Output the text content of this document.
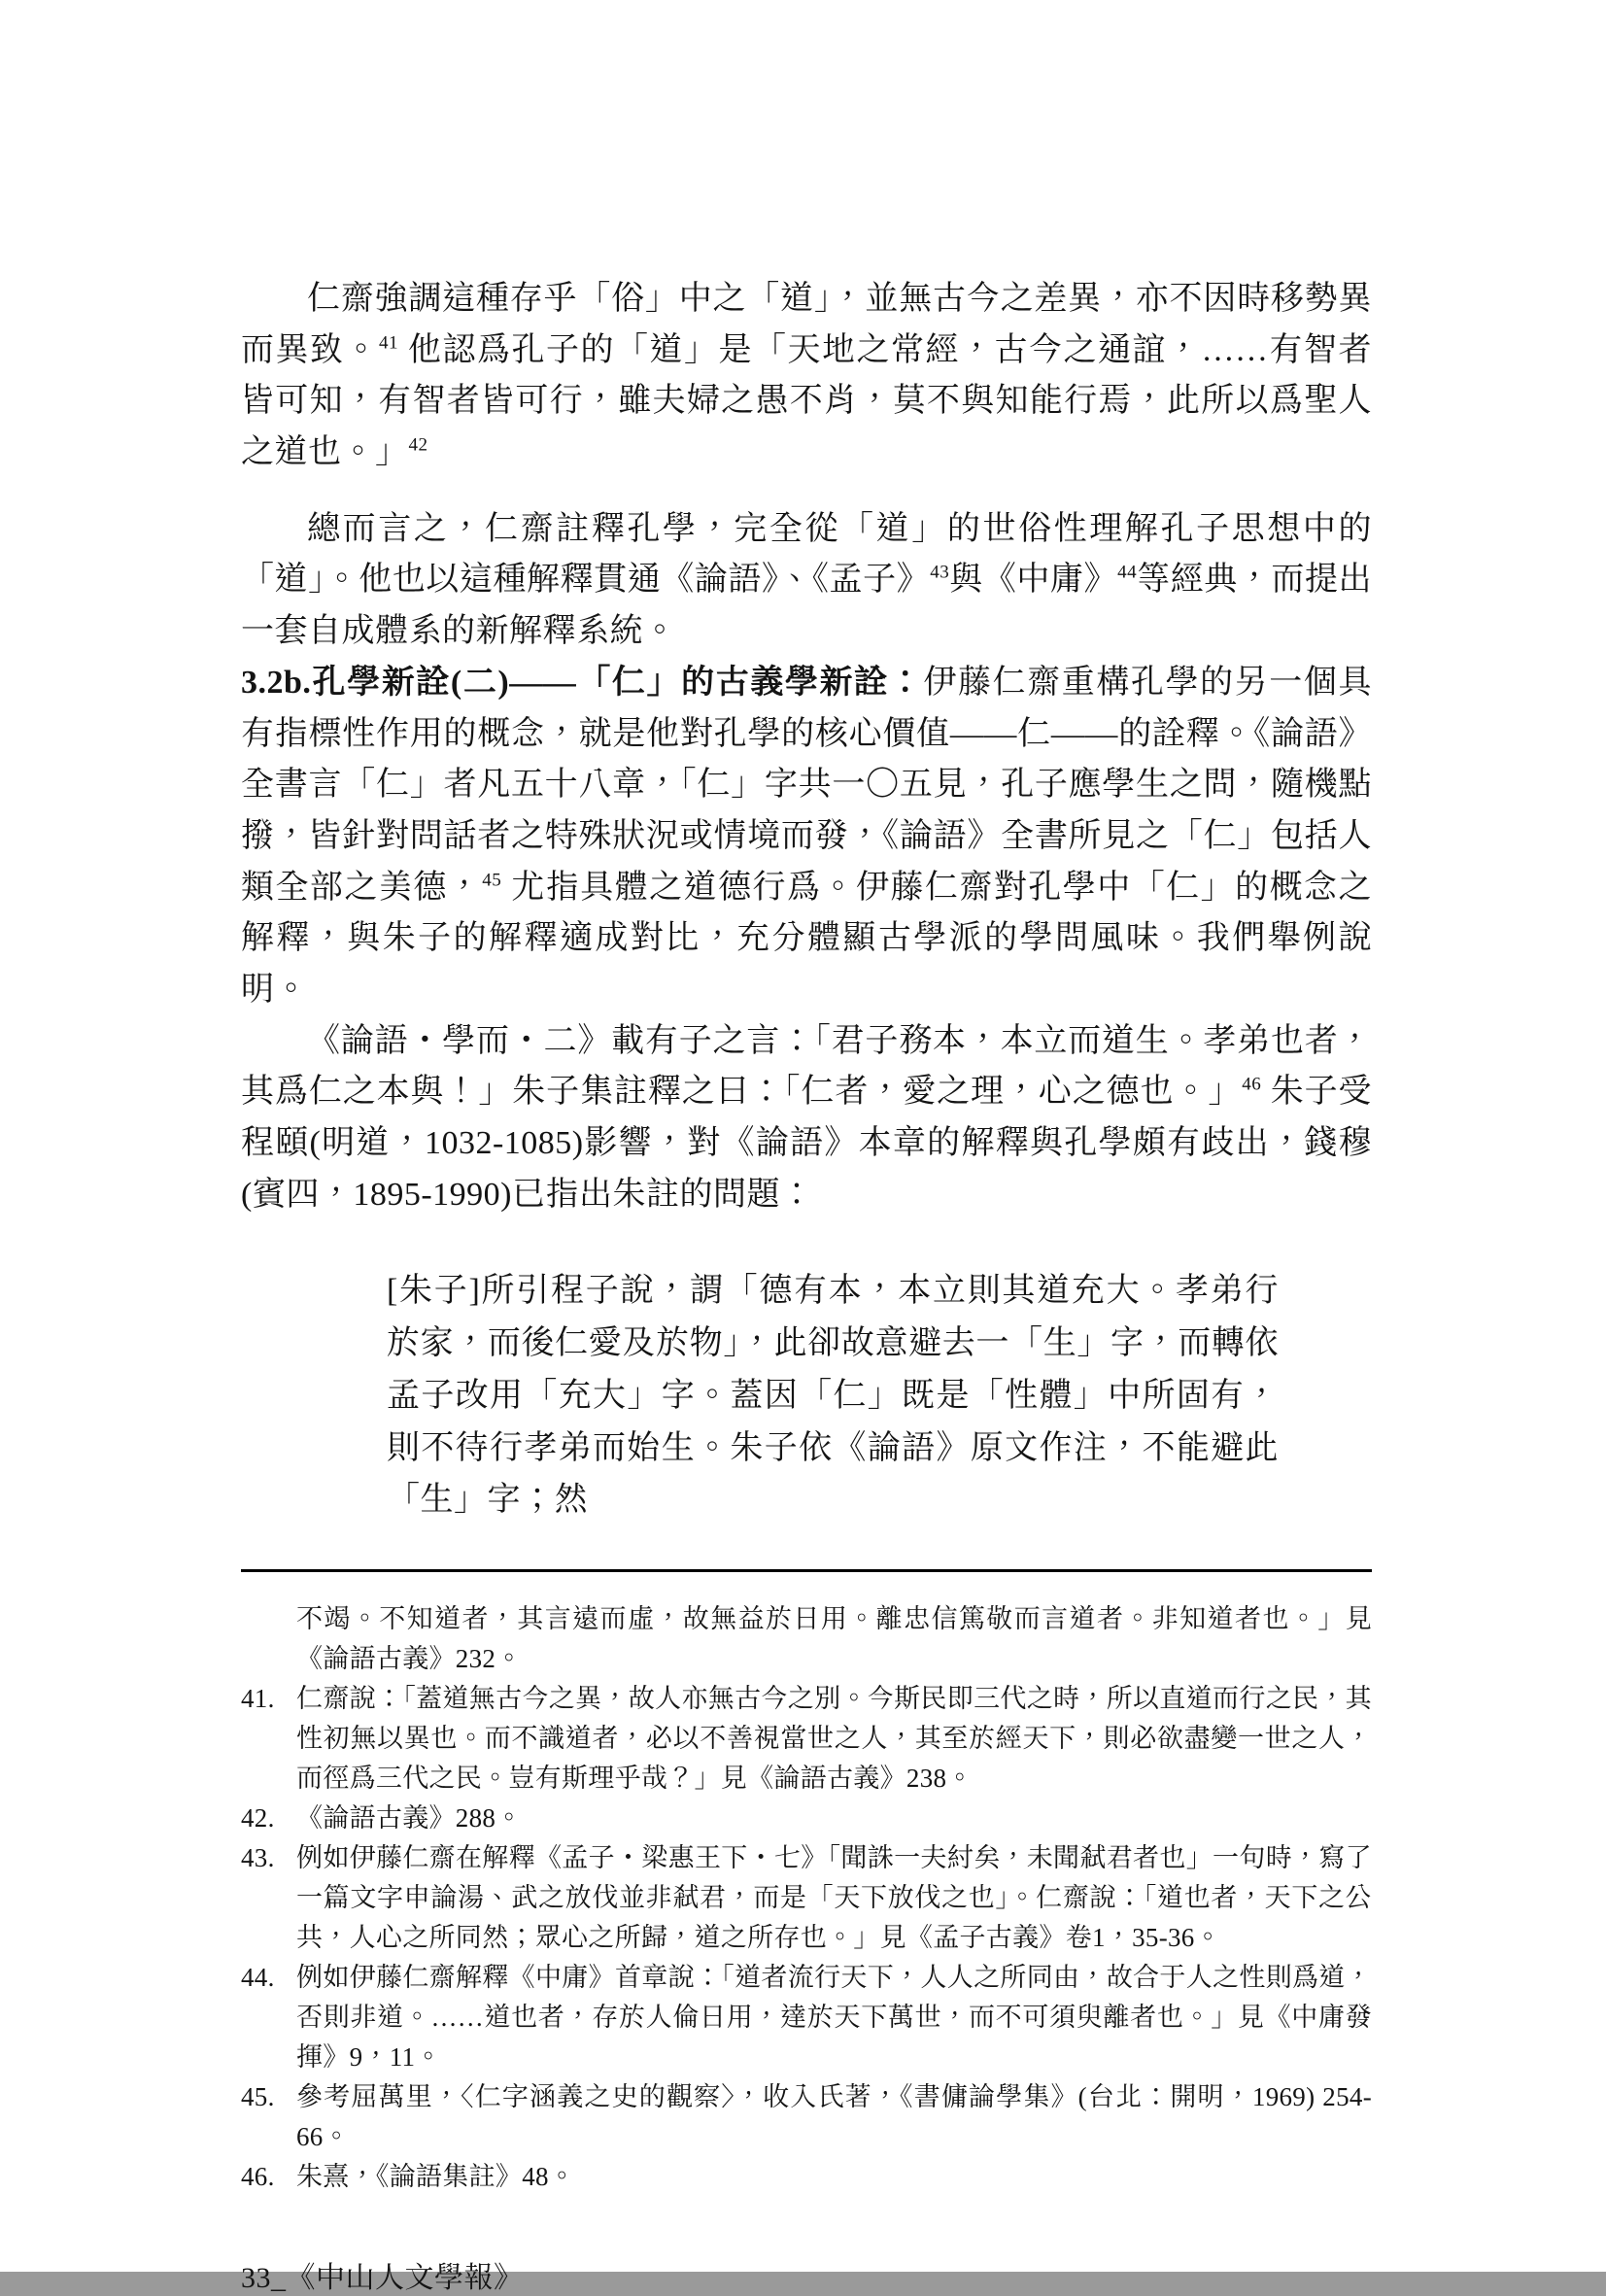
仁齋強調這種存乎「俗」中之「道」，並無古今之差異，亦不因時移勢異而異致。$^{41}$ 他認爲孔子的「道」是「天地之常經，古今之通誼，……有智者皆可知，有智者皆可行，雖夫婦之愚不肖，莫不與知能行焉，此所以爲聖人之道也。」$^{42}$

總而言之，仁齋註釋孔學，完全從「道」的世俗性理解孔子思想中的「道」。他也以這種解釋貫通《論語》、《孟子》$^{43}$與《中庸》$^{44}$等經典，而提出一套自成體系的新解釋系統。

3.2b.孔學新詮(二)——「仁」的古義學新詮：伊藤仁齋重構孔學的另一個具有指標性作用的概念，就是他對孔學的核心價值——仁——的詮釋。《論語》全書言「仁」者凡五十八章，「仁」字共一〇五見，孔子應學生之問，隨機點撥，皆針對問話者之特殊狀況或情境而發，《論語》全書所見之「仁」包括人類全部之美德，$^{45}$ 尤指具體之道德行爲。伊藤仁齋對孔學中「仁」的概念之解釋，與朱子的解釋適成對比，充分體顯古學派的學問風味。我們舉例說明。

《論語・學而・二》載有子之言：「君子務本，本立而道生。孝弟也者，其爲仁之本與！」朱子集註釋之曰：「仁者，愛之理，心之德也。」$^{46}$ 朱子受程頤(明道，1032-1085)影響，對《論語》本章的解釋與孔學頗有歧出，錢穆(賓四，1895-1990)已指出朱註的問題：

[朱子]所引程子說，謂「德有本，本立則其道充大。孝弟行於家，而後仁愛及於物」，此卻故意避去一「生」字，而轉依孟子改用「充大」字。蓋因「仁」既是「性體」中所固有，則不待行孝弟而始生。朱子依《論語》原文作注，不能避此「生」字；然

不竭。不知道者，其言遠而虛，故無益於日用。離忠信篤敬而言道者。非知道者也。」見《論語古義》232。
41. 仁齋說：「蓋道無古今之異，故人亦無古今之別。今斯民即三代之時，所以直道而行之民，其性初無以異也。而不識道者，必以不善視當世之人，其至於經天下，則必欲盡變一世之人，而徑爲三代之民。豈有斯理乎哉？」見《論語古義》238。
42. 《論語古義》288。
43. 例如伊藤仁齋在解釋《孟子・梁惠王下・七》「聞誅一夫紂矣，未聞弒君者也」一句時，寫了一篇文字申論湯、武之放伐並非弒君，而是「天下放伐之也」。仁齋說：「道也者，天下之公共，人心之所同然；眾心之所歸，道之所存也。」見《孟子古義》卷1，35-36。
44. 例如伊藤仁齋解釋《中庸》首章說：「道者流行天下，人人之所同由，故合于人之性則爲道，否則非道。……道也者，存於人倫日用，達於天下萬世，而不可須臾離者也。」見《中庸發揮》9，11。
45. 參考屈萬里，〈仁字涵義之史的觀察〉，收入氏著，《書傭論學集》(台北：開明，1969) 254-66。
46. 朱熹，《論語集註》48。
33_《中山人文學報》
